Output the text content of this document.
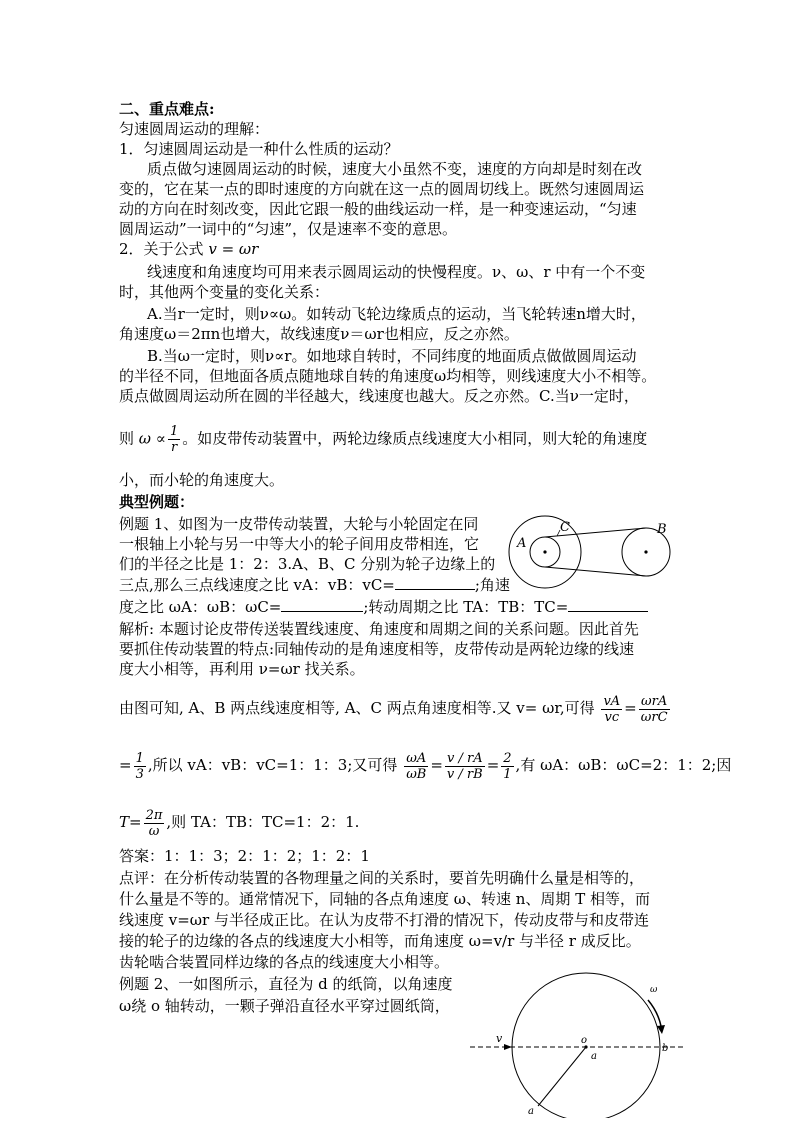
二、重点难点:
匀速圆周运动的理解：
1．匀速圆周运动是一种什么性质的运动？
质点做匀速圆周运动的时候，速度大小虽然不变，速度的方向却是时刻在改
变的，它在某一点的即时速度的方向就在这一点的圆周切线上。既然匀速圆周运
动的方向在时刻改变，因此它跟一般的曲线运动一样，是一种变速运动，“匀速
圆周运动”一词中的“匀速”，仅是速率不变的意思。
2．关于公式 v = ωr
线速度和角速度均可用来表示圆周运动的快慢程度。ν、ω、r 中有一个不变
时，其他两个变量的变化关系：
A.当r一定时，则ν∝ω。如转动飞轮边缘质点的运动，当飞轮转速n增大时，
角速度ω＝2πn也增大，故线速度ν＝ωr也相应，反之亦然。
B.当ω一定时，则ν∝r。如地球自转时，不同纬度的地面质点做做圆周运动
的半径不同，但地面各质点随地球自转的角速度ω均相等，则线速度大小不相等。
质点做圆周运动所在圆的半径越大，线速度也越大。反之亦然。C.当ν一定时，
则 $\omega \propto \frac{1}{r}$ 。如皮带传动装置中，两轮边缘质点线速度大小相同，则大轮的角速度
小，而小轮的角速度大。
典型例题：
例题 1、如图为一皮带传动装置，大轮与小轮固定在同
一根轴上小轮与另一中等大小的轮子间用皮带相连，它
们的半径之比是 1：2：3.A、B、C 分别为轮子边缘上的
三点,那么三点线速度之比 vA：vB：vC=	;角速
度之比 ωA：ωB：ωC=	;转动周期之比 TA：TB：TC=
解析: 本题讨论皮带传送装置线速度、角速度和周期之间的关系问题。因此首先
要抓住传动装置的特点:同轴传动的是角速度相等，皮带传动是两轮边缘的线速
度大小相等，再利用 ν=ωr 找关系。
由图可知, A、B 两点线速度相等, A、C 两点角速度相等.又 v= ωr,可得 $\frac{vA}{vc} = \frac{\text{ωrA}}{\text{ωrC}}$
= $\frac{1}{3}$ ,所以 vA：vB：vC=1：1：3;又可得 $\frac{\omega A}{\omega B} = \frac{v / rA}{v / rB} = \frac{2}{1}$ ,有 ωA：ωB：ωC=2：1：2;因
$T= \frac{2\pi}{\omega}$ ,则 TA：TB：TC=1：2：1.
答案：1：1：3；2：1：2；1：2：1
点评：在分析传动装置的各物理量之间的关系时，要首先明确什么量是相等的，
什么量是不等的。通常情况下，同轴的各点角速度 ω、转速 n、周期 T 相等，而
线速度 v=ωr 与半径成正比。在认为皮带不打滑的情况下，传动皮带与和皮带连
接的轮子的边缘的各点的线速度大小相等，而角速度 ω=v/r 与半径 r 成反比。
齿轮啮合装置同样边缘的各点的线速度大小相等。
例题 2、一如图所示，直径为 d 的纸筒，以角速度
ω绕 o 轴转动，一颗子弹沿直径水平穿过圆纸筒，
A
C	B
ω
v	o
a
b
a
